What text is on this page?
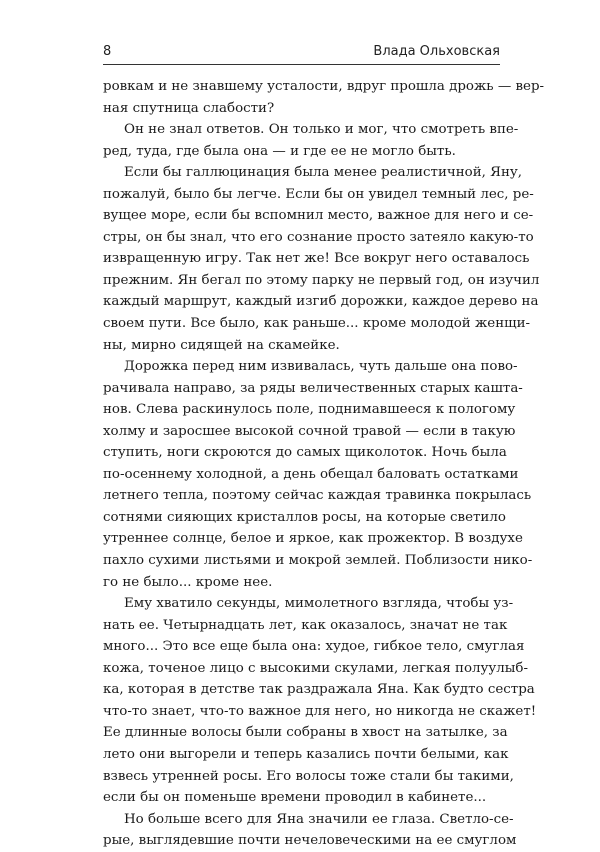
8	Влада Ольховская
ровкам и не знавшему усталости, вдруг прошла дрожь — вер-
ная спутница слабости?
Он не знал ответов. Он только и мог, что смотреть впе-
ред, туда, где была она — и где ее не могло быть.
Если бы галлюцинация была менее реалистичной, Яну,
пожалуй, было бы легче. Если бы он увидел темный лес, ре-
вущее море, если бы вспомнил место, важное для него и се-
стры, он бы знал, что его сознание просто затеяло какую-то
извращенную игру. Так нет же! Все вокруг него оставалось
прежним. Ян бегал по этому парку не первый год, он изучил
каждый маршрут, каждый изгиб дорожки, каждое дерево на
своем пути. Все было, как раньше... кроме молодой женщи-
ны, мирно сидящей на скамейке.
Дорожка перед ним извивалась, чуть дальше она пово-
рачивала направо, за ряды величественных старых кашта-
нов. Слева раскинулось поле, поднимавшееся к пологому
холму и заросшее высокой сочной травой — если в такую
ступить, ноги скроются до самых щиколоток. Ночь была
по-осеннему холодной, а день обещал баловать остатками
летнего тепла, поэтому сейчас каждая травинка покрылась
сотнями сияющих кристаллов росы, на которые светило
утреннее солнце, белое и яркое, как прожектор. В воздухе
пахло сухими листьями и мокрой землей. Поблизости нико-
го не было... кроме нее.
Ему хватило секунды, мимолетного взгляда, чтобы уз-
нать ее. Четырнадцать лет, как оказалось, значат не так
много... Это все еще была она: худое, гибкое тело, смуглая
кожа, точеное лицо с высокими скулами, легкая полуулыб-
ка, которая в детстве так раздражала Яна. Как будто сестра
что-то знает, что-то важное для него, но никогда не скажет!
Ее длинные волосы были собраны в хвост на затылке, за
лето они выгорели и теперь казались почти белыми, как
взвесь утренней росы. Его волосы тоже стали бы такими,
если бы он поменьше времени проводил в кабинете...
Но больше всего для Яна значили ее глаза. Светло-се-
рые, выглядевшие почти нечеловеческими на ее смуглом
